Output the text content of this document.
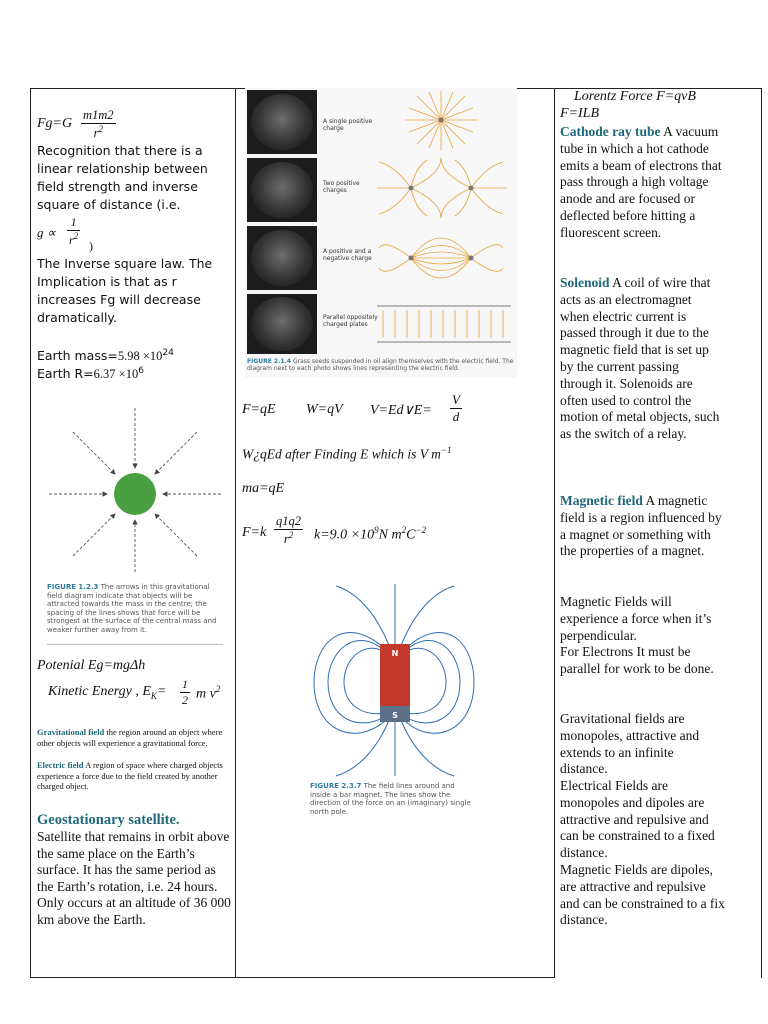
$Fg=G \frac{m1m2}{r^2}$
Recognition that there is a linear relationship between field strength and inverse square of distance (i.e.
$g \propto \frac{1}{r^2}$ )
The Inverse square law. The Implication is that as r increases Fg will decrease dramatically.
Earth mass=5.98 $\times 10^{24}$
Earth $R=6.37 \times 10^6$
FIGURE 1.2.3 The arrows in this gravitational field diagram indicate that objects will be attracted towards the mass in the centre; the spacing of the lines shows that force will be strongest at the surface of the central mass and weaker further away from it.
Potenial Eg=mgΔh
Kinetic Energy , $E_K= \frac{1}{2}$ m $v^2$
Gravitational field the region around an object where other objects will experience a gravitational force.
Electric field A region of space where charged objects experience a force due to the field created by another charged object.
Geostationary satellite.
Satellite that remains in orbit above the same place on the Earth’s surface. It has the same period as the Earth’s rotation, i.e. 24 hours. Only occurs at an altitude of 36 000 km above the Earth.
A single positive charge
Two positive charges
A positive and a negative charge
Parallel oppositely charged plates
FIGURE 2.1.4 Grass seeds suspended in oil align themselves with the electric field. The diagram next to each photo shows lines representing the electric field.
F=qE W=qV V=Ed∨E= $\frac{V}{d}$
W¿qEd after Finding E which is V $m^{-1}$
ma=qE
$F=k \frac{q1q2}{r^2} k=9.0 \times 10^9N$ $m^2C^{-2}$
N
S
FIGURE 2.3.7 The field lines around and inside a bar magnet. The lines show the direction of the force on an (imaginary) single north pole.
Lorentz Force F=qvB
F=ILB
Cathode ray tube A vacuum tube in which a hot cathode emits a beam of electrons that pass through a high voltage anode and are focused or deflected before hitting a fluorescent screen.
Solenoid A coil of wire that acts as an electromagnet when electric current is passed through it due to the magnetic field that is set up by the current passing through it. Solenoids are often used to control the motion of metal objects, such as the switch of a relay.
Magnetic field A magnetic field is a region influenced by a magnet or something with the properties of a magnet.
Magnetic Fields will experience a force when it’s perpendicular.
For Electrons It must be parallel for work to be done.
Gravitational fields are monopoles, attractive and extends to an infinite distance.
Electrical Fields are monopoles and dipoles are attractive and repulsive and can be constrained to a fixed distance.
Magnetic Fields are dipoles, are attractive and repulsive and can be constrained to a fix distance.
